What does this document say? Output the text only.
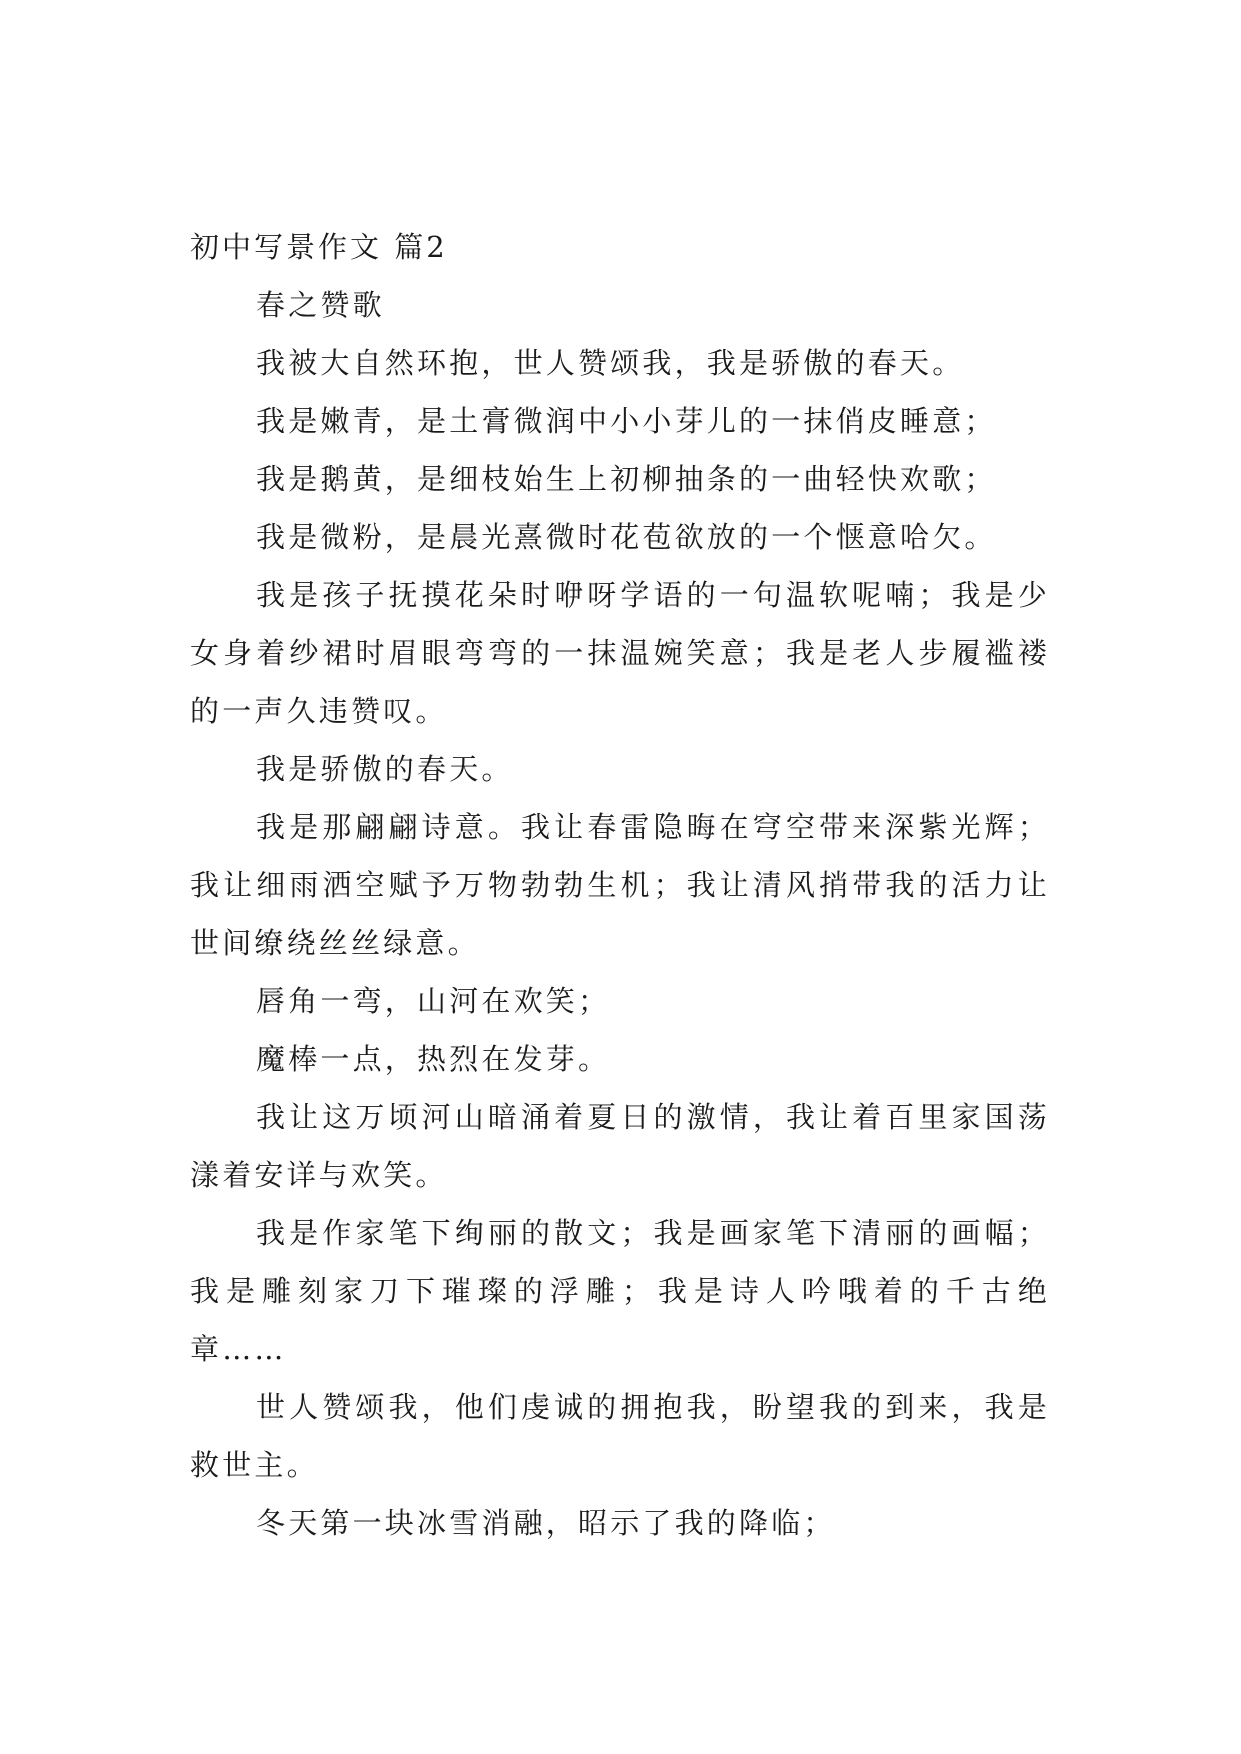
初中写景作文 篇2

春之赞歌

我被大自然环抱，世人赞颂我，我是骄傲的春天。

我是嫩青，是土膏微润中小小芽儿的一抹俏皮睡意；

我是鹅黄，是细枝始生上初柳抽条的一曲轻快欢歌；

我是微粉，是晨光熹微时花苞欲放的一个惬意哈欠。

我是孩子抚摸花朵时咿呀学语的一句温软呢喃；我是少女身着纱裙时眉眼弯弯的一抹温婉笑意；我是老人步履褴褛的一声久违赞叹。

我是骄傲的春天。

我是那翩翩诗意。我让春雷隐晦在穹空带来深紫光辉；我让细雨洒空赋予万物勃勃生机；我让清风捎带我的活力让世间缭绕丝丝绿意。

唇角一弯，山河在欢笑；

魔棒一点，热烈在发芽。

我让这万顷河山暗涌着夏日的激情，我让着百里家国荡漾着安详与欢笑。

我是作家笔下绚丽的散文；我是画家笔下清丽的画幅；我是雕刻家刀下璀璨的浮雕；我是诗人吟哦着的千古绝章……

世人赞颂我，他们虔诚的拥抱我，盼望我的到来，我是救世主。

冬天第一块冰雪消融，昭示了我的降临；
